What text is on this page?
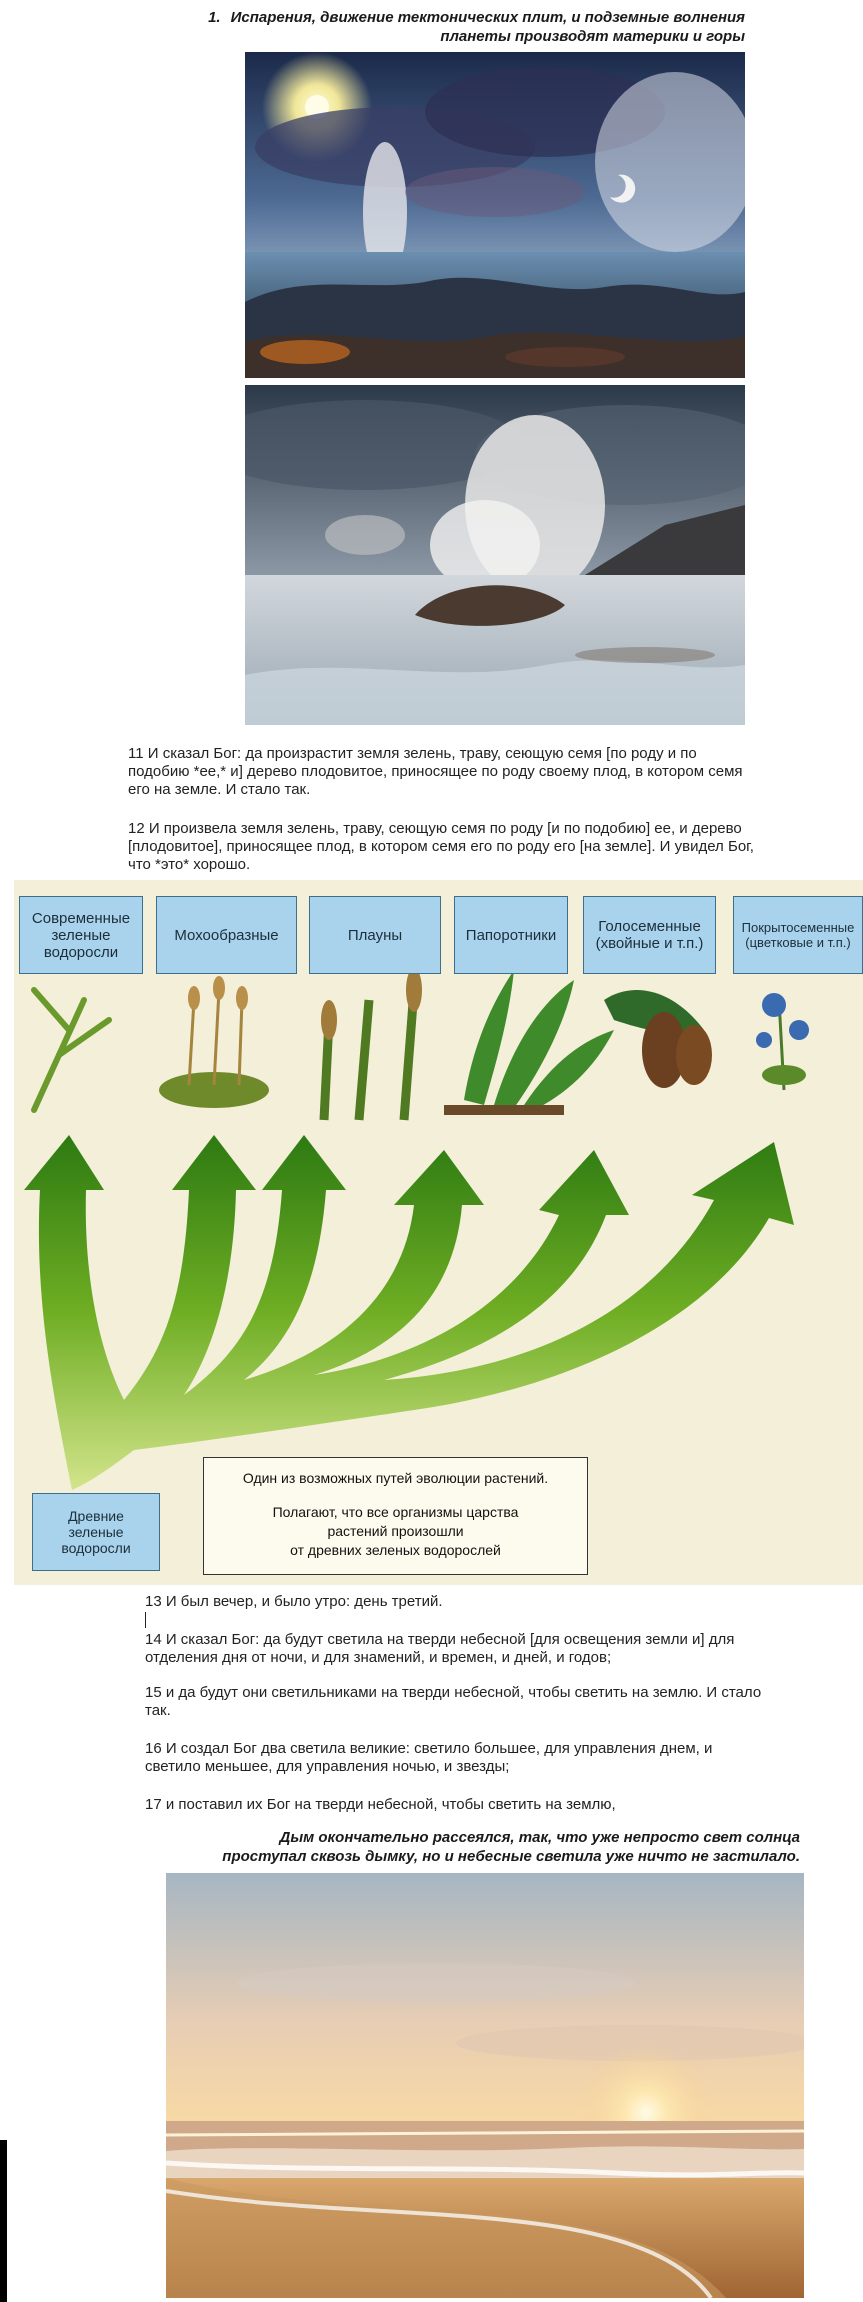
1. Испарения, движение тектонических плит, и подземные волнения
планеты производят материки и горы
11 И сказал Бог: да произрастит земля зелень, траву, сеющую семя [по роду и по подобию *ее,* и] дерево плодовитое, приносящее по роду своему плод, в котором семя его на земле. И стало так.
12 И произвела земля зелень, траву, сеющую семя по роду [и по подобию] ее, и дерево [плодовитое], приносящее плод, в котором семя его по роду его [на земле]. И увидел Бог, что *это* хорошо.
Современные зеленые водоросли
Мохообразные	Плауны	Папоротники	Голосеменные (хвойные и т.п.)
Покрытосеменные (цветковые и т.п.)
Древние зеленые водоросли
Один из возможных путей эволюции растений.
Полагают, что все организмы царства
растений произошли
от древних зеленых водорослей
13 И был вечер, и было утро: день третий.
14 И сказал Бог: да будут светила на тверди небесной [для освещения земли и] для отделения дня от ночи, и для знамений, и времен, и дней, и годов;
15 и да будут они светильниками на тверди небесной, чтобы светить на землю. И стало так.
16 И создал Бог два светила великие: светило большее, для управления днем, и светило меньшее, для управления ночью, и звезды;
17 и поставил их Бог на тверди небесной, чтобы светить на землю,
Дым окончательно рассеялся, так, что уже непросто свет солнца
проступал сквозь дымку, но и небесные светила уже ничто не застилало.
